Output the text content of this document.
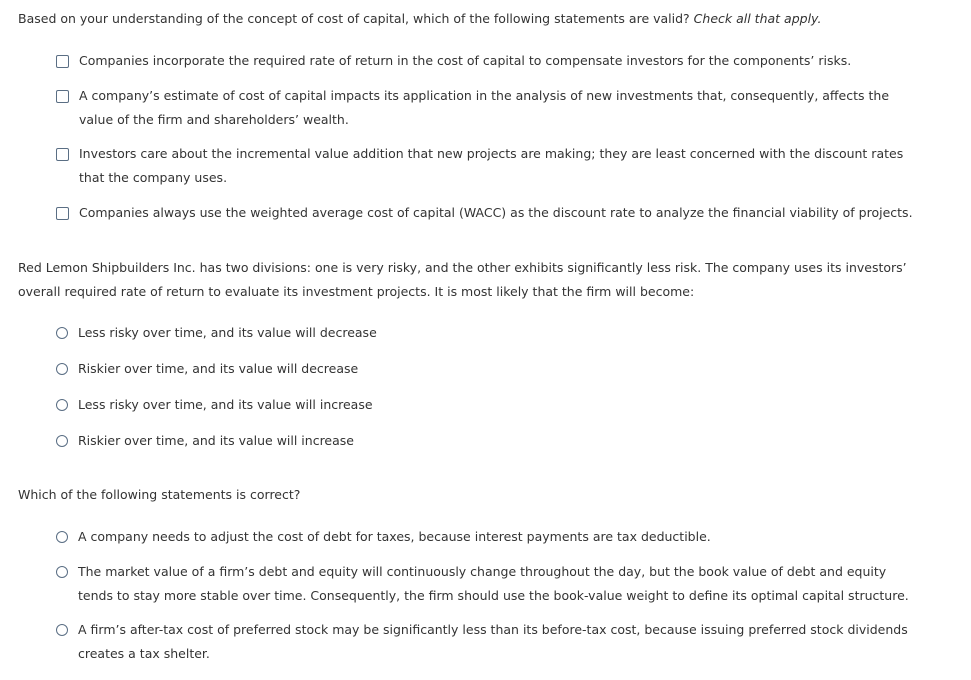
Based on your understanding of the concept of cost of capital, which of the following statements are valid? Check all that apply.
Companies incorporate the required rate of return in the cost of capital to compensate investors for the components’ risks.
A company’s estimate of cost of capital impacts its application in the analysis of new investments that, consequently, affects the value of the firm and shareholders’ wealth.
Investors care about the incremental value addition that new projects are making; they are least concerned with the discount rates that the company uses.
Companies always use the weighted average cost of capital (WACC) as the discount rate to analyze the financial viability of projects.
Red Lemon Shipbuilders Inc. has two divisions: one is very risky, and the other exhibits significantly less risk. The company uses its investors’ overall required rate of return to evaluate its investment projects. It is most likely that the firm will become:
Less risky over time, and its value will decrease
Riskier over time, and its value will decrease
Less risky over time, and its value will increase
Riskier over time, and its value will increase
Which of the following statements is correct?
A company needs to adjust the cost of debt for taxes, because interest payments are tax deductible.
The market value of a firm’s debt and equity will continuously change throughout the day, but the book value of debt and equity tends to stay more stable over time. Consequently, the firm should use the book-value weight to define its optimal capital structure.
A firm’s after-tax cost of preferred stock may be significantly less than its before-tax cost, because issuing preferred stock dividends creates a tax shelter.
